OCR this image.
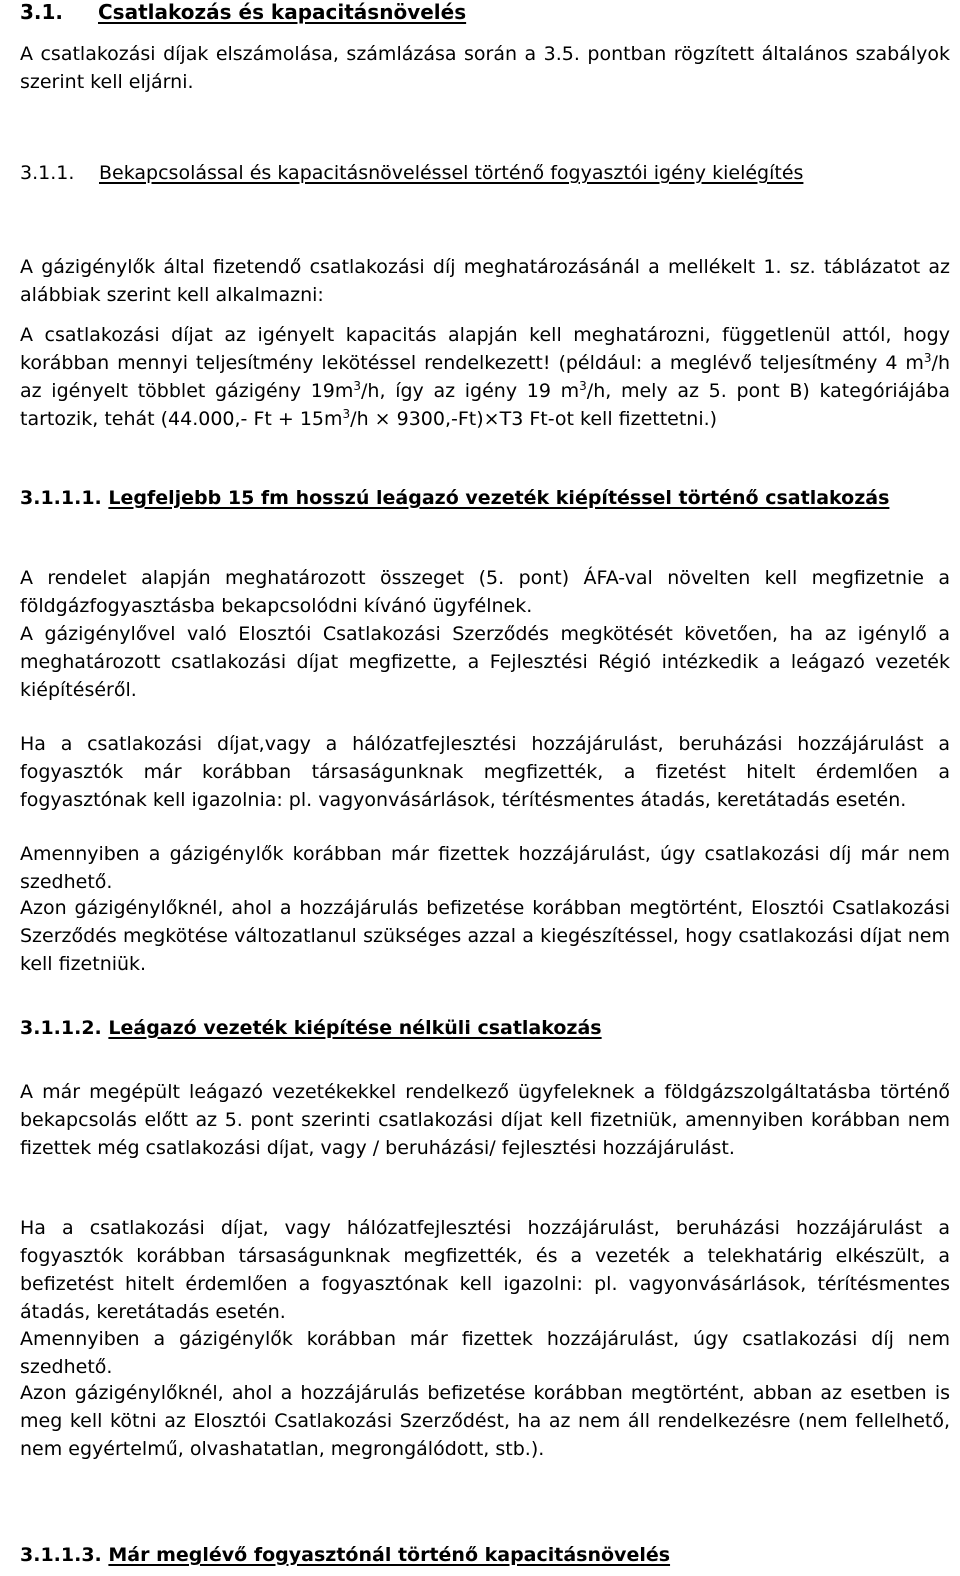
3.1. Csatlakozás és kapacitásnövelés
A csatlakozási díjak elszámolása, számlázása során a 3.5. pontban rögzített általános szabályok szerint kell eljárni.
3.1.1.	Bekapcsolással és kapacitásnöveléssel történő fogyasztói igény kielégítés
A gázigénylők által fizetendő csatlakozási díj meghatározásánál a mellékelt 1. sz. táblázatot az alábbiak szerint kell alkalmazni:
A csatlakozási díjat az igényelt kapacitás alapján kell meghatározni, függetlenül attól, hogy korábban mennyi teljesítmény lekötéssel rendelkezett! (például: a meglévő teljesítmény 4 $m^3/h$ az igényelt többlet gázigény $19m^3/h$, így az igény 19 $m^3/h$, mely az 5. pont B) kategóriájába tartozik, tehát (44.000,- $Ft + 15m^3/h \times 9300,-Ft)\times T3$ Ft-ot kell fizettetni.)
3.1.1.1. Legfeljebb 15 fm hosszú leágazó vezeték kiépítéssel történő csatlakozás
A rendelet alapján meghatározott összeget (5. pont) ÁFA-val növelten kell megfizetnie a földgázfogyasztásba bekapcsolódni kívánó ügyfélnek.
A gázigénylővel való Elosztói Csatlakozási Szerződés megkötését követően, ha az igénylő a meghatározott csatlakozási díjat megfizette, a Fejlesztési Régió intézkedik a leágazó vezeték kiépítéséről.
Ha a csatlakozási díjat,vagy a hálózatfejlesztési hozzájárulást, beruházási hozzájárulást a fogyasztók már korábban társaságunknak megfizették, a fizetést hitelt érdemlően a fogyasztónak kell igazolnia: pl. vagyonvásárlások, térítésmentes átadás, keretátadás esetén.
Amennyiben a gázigénylők korábban már fizettek hozzájárulást, úgy csatlakozási díj már nem szedhető.
Azon gázigénylőknél, ahol a hozzájárulás befizetése korábban megtörtént, Elosztói Csatlakozási Szerződés megkötése változatlanul szükséges azzal a kiegészítéssel, hogy csatlakozási díjat nem kell fizetniük.
3.1.1.2. Leágazó vezeték kiépítése nélküli csatlakozás
A már megépült leágazó vezetékekkel rendelkező ügyfeleknek a földgázszolgáltatásba történő bekapcsolás előtt az 5. pont szerinti csatlakozási díjat kell fizetniük, amennyiben korábban nem fizettek még csatlakozási díjat, vagy / beruházási/ fejlesztési hozzájárulást.
Ha a csatlakozási díjat, vagy hálózatfejlesztési hozzájárulást, beruházási hozzájárulást a fogyasztók korábban társaságunknak megfizették, és a vezeték a telekhatárig elkészült, a befizetést hitelt érdemlően a fogyasztónak kell igazolni: pl. vagyonvásárlások, térítésmentes átadás, keretátadás esetén.
Amennyiben a gázigénylők korábban már fizettek hozzájárulást, úgy csatlakozási díj nem szedhető.
Azon gázigénylőknél, ahol a hozzájárulás befizetése korábban megtörtént, abban az esetben is meg kell kötni az Elosztói Csatlakozási Szerződést, ha az nem áll rendelkezésre (nem fellelhető, nem egyértelmű, olvashatatlan, megrongálódott, stb.).
3.1.1.3. Már meglévő fogyasztónál történő kapacitásnövelés
